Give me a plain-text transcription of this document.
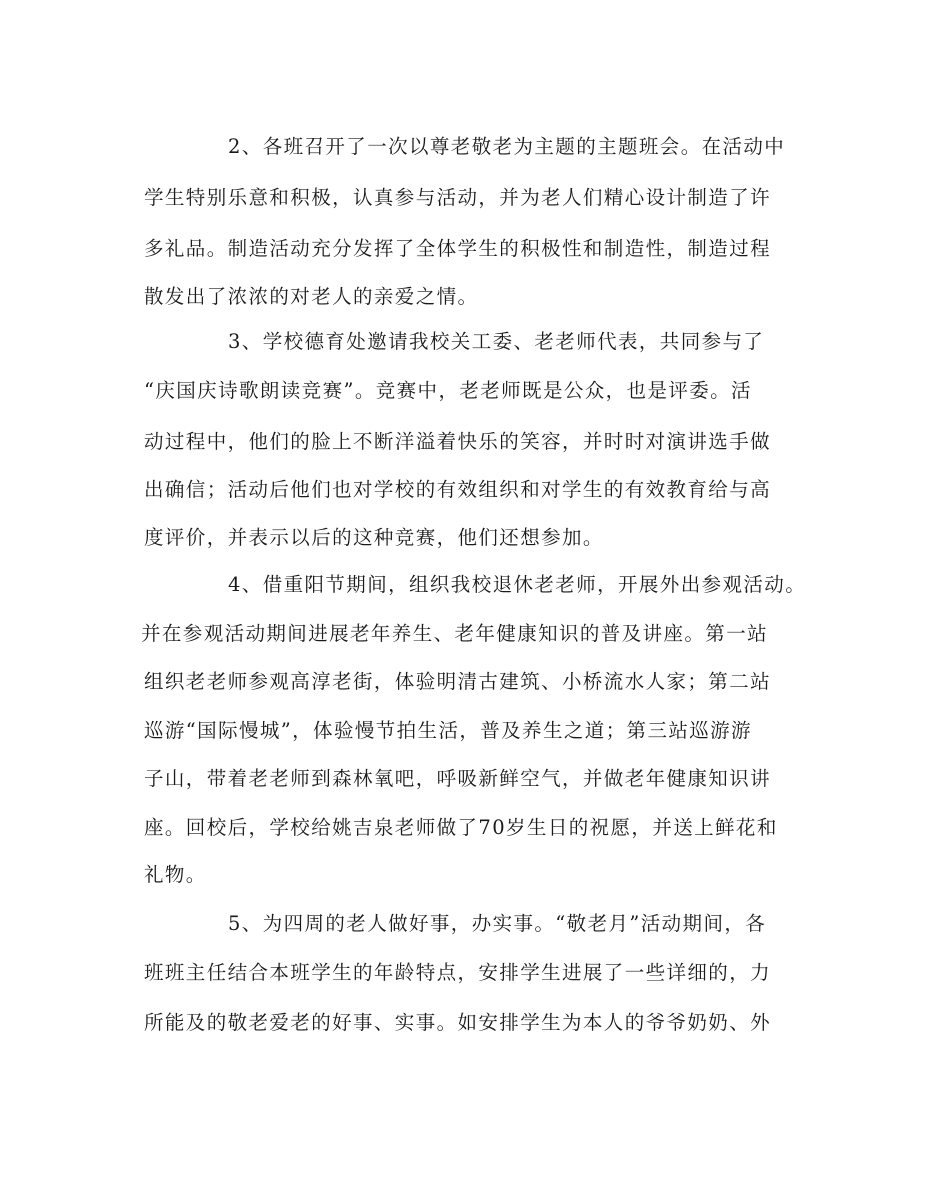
2、各班召开了一次以尊老敬老为主题的主题班会。在活动中

学生特别乐意和积极，认真参与活动，并为老人们精心设计制造了许

多礼品。制造活动充分发挥了全体学生的积极性和制造性，制造过程

散发出了浓浓的对老人的亲爱之情。

3、学校德育处邀请我校关工委、老老师代表，共同参与了

“庆国庆诗歌朗读竞赛”。竞赛中，老老师既是公众，也是评委。活

动过程中，他们的脸上不断洋溢着快乐的笑容，并时时对演讲选手做

出确信；活动后他们也对学校的有效组织和对学生的有效教育给与高

度评价，并表示以后的这种竞赛，他们还想参加。

4、借重阳节期间，组织我校退休老老师，开展外出参观活动。

并在参观活动期间进展老年养生、老年健康知识的普及讲座。第一站

组织老老师参观高淳老街，体验明清古建筑、小桥流水人家；第二站

巡游“国际慢城”，体验慢节拍生活，普及养生之道；第三站巡游游

子山，带着老老师到森林氧吧，呼吸新鲜空气，并做老年健康知识讲

座。回校后，学校给姚吉泉老师做了70岁生日的祝愿，并送上鲜花和

礼物。

5、为四周的老人做好事，办实事。“敬老月”活动期间，各

班班主任结合本班学生的年龄特点，安排学生进展了一些详细的，力

所能及的敬老爱老的好事、实事。如安排学生为本人的爷爷奶奶、外
